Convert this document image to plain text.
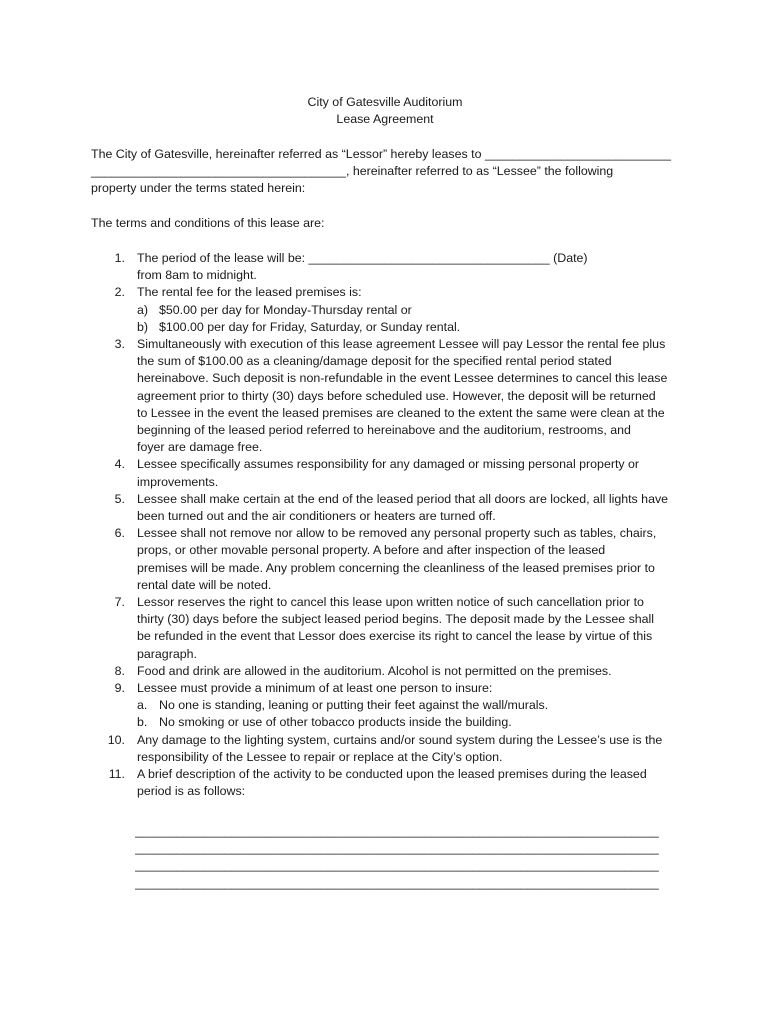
City of Gatesville Auditorium
Lease Agreement
The City of Gatesville, hereinafter referred as “Lessor” hereby leases to ___________________________
_____________________________________, hereinafter referred to as “Lessee” the following
property under the terms stated herein:
The terms and conditions of this lease are:
1. The period of the lease will be: ___________________________________ (Date)
from 8am to midnight.
2. The rental fee for the leased premises is:
a) $50.00 per day for Monday-Thursday rental or
b) $100.00 per day for Friday, Saturday, or Sunday rental.
3. Simultaneously with execution of this lease agreement Lessee will pay Lessor the rental fee plus
the sum of $100.00 as a cleaning/damage deposit for the specified rental period stated
hereinabove. Such deposit is non-refundable in the event Lessee determines to cancel this lease
agreement prior to thirty (30) days before scheduled use. However, the deposit will be returned
to Lessee in the event the leased premises are cleaned to the extent the same were clean at the
beginning of the leased period referred to hereinabove and the auditorium, restrooms, and
foyer are damage free.
4. Lessee specifically assumes responsibility for any damaged or missing personal property or
improvements.
5. Lessee shall make certain at the end of the leased period that all doors are locked, all lights have
been turned out and the air conditioners or heaters are turned off.
6. Lessee shall not remove nor allow to be removed any personal property such as tables, chairs,
props, or other movable personal property. A before and after inspection of the leased
premises will be made. Any problem concerning the cleanliness of the leased premises prior to
rental date will be noted.
7. Lessor reserves the right to cancel this lease upon written notice of such cancellation prior to
thirty (30) days before the subject leased period begins. The deposit made by the Lessee shall
be refunded in the event that Lessor does exercise its right to cancel the lease by virtue of this
paragraph.
8. Food and drink are allowed in the auditorium. Alcohol is not permitted on the premises.
9. Lessee must provide a minimum of at least one person to insure:
a. No one is standing, leaning or putting their feet against the wall/murals.
b. No smoking or use of other tobacco products inside the building.
10. Any damage to the lighting system, curtains and/or sound system during the Lessee’s use is the
responsibility of the Lessee to repair or replace at the City’s option.
11. A brief description of the activity to be conducted upon the leased premises during the leased
period is as follows:
____________________________________________________________________________
____________________________________________________________________________
____________________________________________________________________________
____________________________________________________________________________
